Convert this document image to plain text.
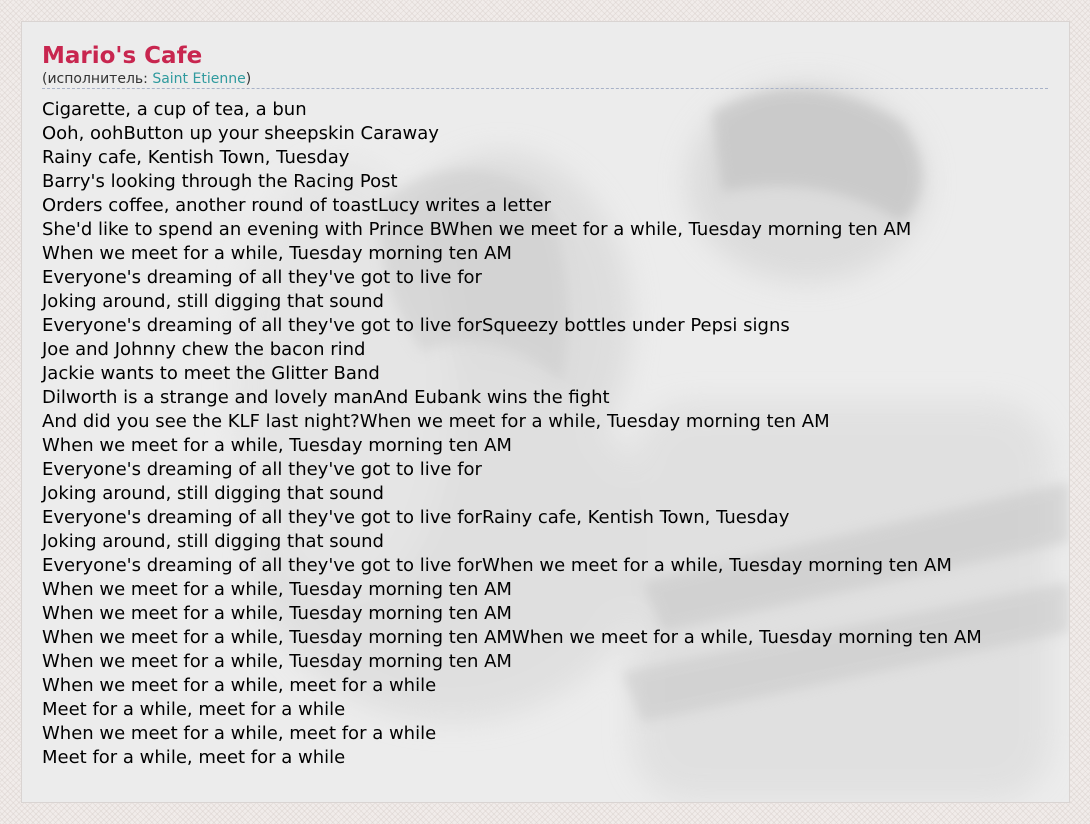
Mario's Cafe
(исполнитель: Saint Etienne)
Cigarette, a cup of tea, a bun
Ooh, oohButton up your sheepskin Caraway
Rainy cafe, Kentish Town, Tuesday
Barry's looking through the Racing Post
Orders coffee, another round of toastLucy writes a letter
She'd like to spend an evening with Prince BWhen we meet for a while, Tuesday morning ten AM
When we meet for a while, Tuesday morning ten AM
Everyone's dreaming of all they've got to live for
Joking around, still digging that sound
Everyone's dreaming of all they've got to live forSqueezy bottles under Pepsi signs
Joe and Johnny chew the bacon rind
Jackie wants to meet the Glitter Band
Dilworth is a strange and lovely manAnd Eubank wins the fight
And did you see the KLF last night?When we meet for a while, Tuesday morning ten AM
When we meet for a while, Tuesday morning ten AM
Everyone's dreaming of all they've got to live for
Joking around, still digging that sound
Everyone's dreaming of all they've got to live forRainy cafe, Kentish Town, Tuesday
Joking around, still digging that sound
Everyone's dreaming of all they've got to live forWhen we meet for a while, Tuesday morning ten AM
When we meet for a while, Tuesday morning ten AM
When we meet for a while, Tuesday morning ten AM
When we meet for a while, Tuesday morning ten AMWhen we meet for a while, Tuesday morning ten AM
When we meet for a while, Tuesday morning ten AM
When we meet for a while, meet for a while
Meet for a while, meet for a while
When we meet for a while, meet for a while
Meet for a while, meet for a while
